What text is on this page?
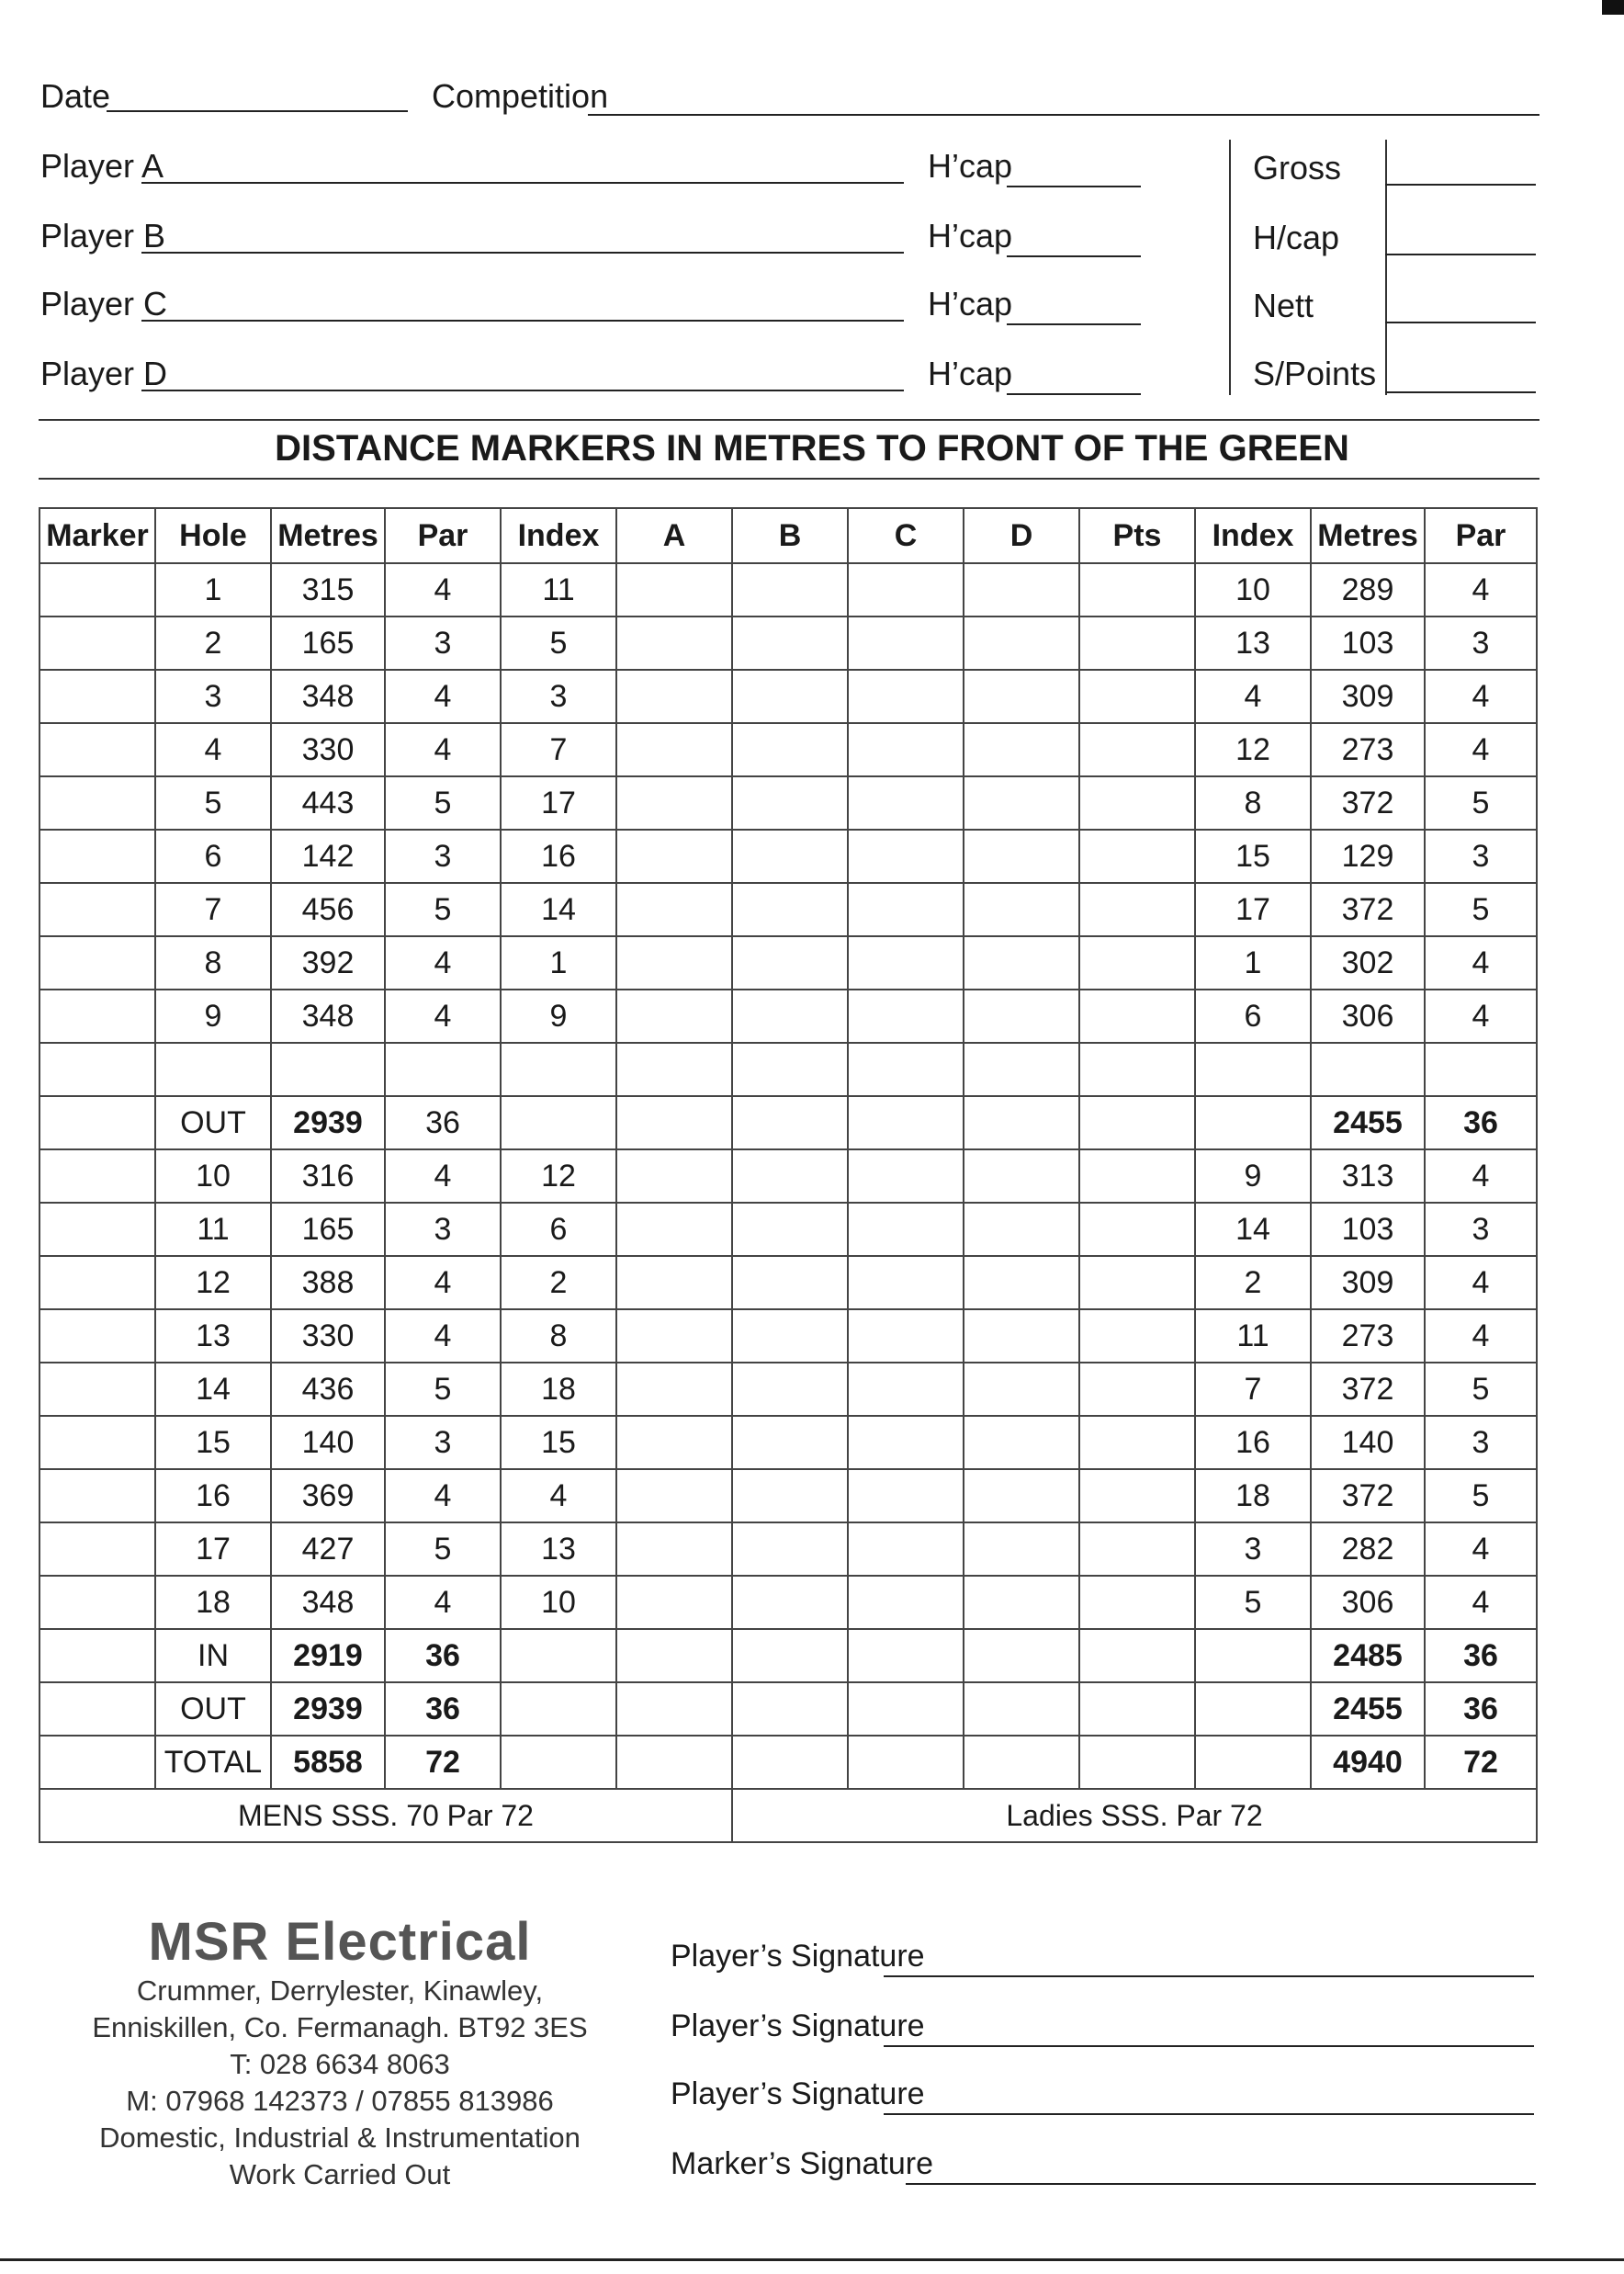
Date	Competition
Player A	H’cap
Player B	H’cap
Player C	H’cap
Player D	H’cap
Gross
H/cap
Nett
S/Points
DISTANCE MARKERS IN METRES TO FRONT OF THE GREEN
Marker	Hole	Metres	Par	Index	A	B	C	D	Pts	Index	Metres	Par
	1	315	4	11						10	289	4
	2	165	3	5						13	103	3
	3	348	4	3						4	309	4
	4	330	4	7						12	273	4
	5	443	5	17						8	372	5
	6	142	3	16						15	129	3
	7	456	5	14						17	372	5
	8	392	4	1						1	302	4
	9	348	4	9						6	306	4

	OUT	2939	36								2455	36
	10	316	4	12						9	313	4
	11	165	3	6						14	103	3
	12	388	4	2						2	309	4
	13	330	4	8						11	273	4
	14	436	5	18						7	372	5
	15	140	3	15						16	140	3
	16	369	4	4						18	372	5
	17	427	5	13						3	282	4
	18	348	4	10						5	306	4
	IN	2919	36								2485	36
	OUT	2939	36								2455	36
	TOTAL	5858	72								4940	72
MENS SSS. 70 Par 72						Ladies SSS. Par 72						
MSR Electrical
Crummer, Derrylester, Kinawley,
Enniskillen, Co. Fermanagh. BT92 3ES
T: 028 6634 8063
M: 07968 142373 / 07855 813986
Domestic, Industrial & Instrumentation
Work Carried Out
Player’s Signature
Player’s Signature
Player’s Signature
Marker’s Signature
